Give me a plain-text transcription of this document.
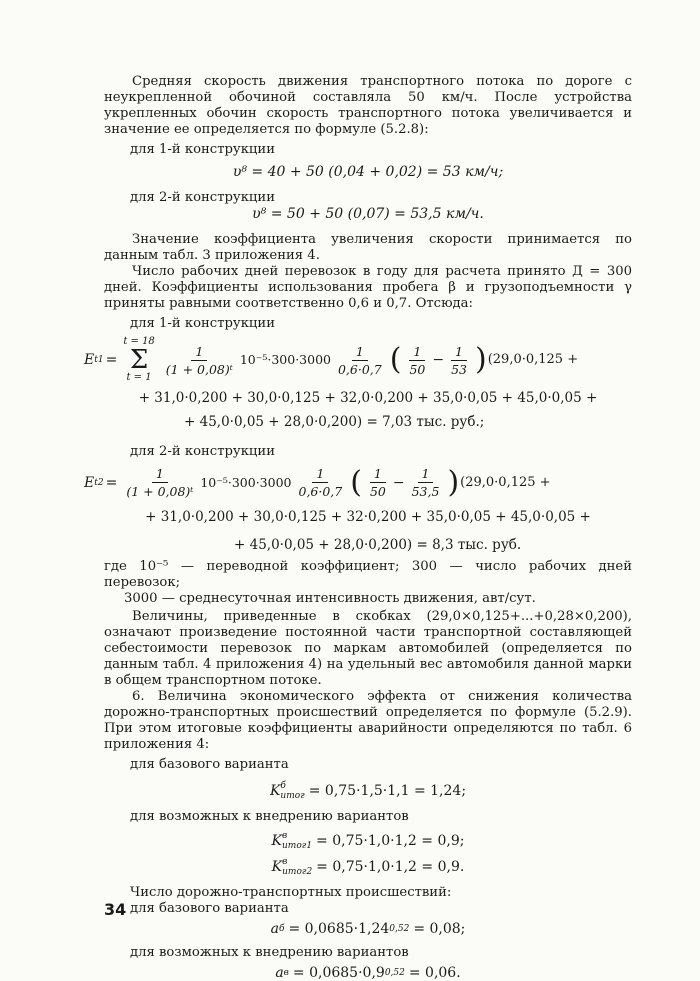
Средняя скорость движения транспортного потока по дороге с неукрепленной обочиной составляла 50 км/ч. После устройства укрепленных обочин скорость транспортного потока увеличивается и значение ее определяется по формуле (5.2.8):

для 1-й конструкции

υ⁸ = 40 + 50 (0,04 + 0,02) = 53 км/ч;

для 2-й конструкции

υ⁸ = 50 + 50 (0,07) = 53,5 км/ч.

Значение коэффициента увеличения скорости принимается по данным табл. 3 приложения 4.

Число рабочих дней перевозок в году для расчета принято Д = 300 дней. Коэффициенты использования пробега β и грузоподъемности γ приняты равными соответственно 0,6 и 0,7. Отсюда:

для 1-й конструкции

E t1 =
t = 18
Σ
t = 1
$\frac{1}{\text{(1 + 0,08)ᵗ}} 10^{-5}\cdot 300\cdot 3000 \frac{1}{0,6\cdot 0,7}$ ( $\frac{1}{50} - \frac{1}{53}$ ) (29,0·0,125 +
+ 31,0·0,200 + 30,0·0,125 + 32,0·0,200 + 35,0·0,05 + 45,0·0,05 +
+ 45,0·0,05 + 28,0·0,200) = 7,03 тыс. руб.;

для 2-й конструкции

E $t2 = \frac{1}{\text{(1 + 0,08)ᵗ}} 10^{-5}\cdot 300\cdot 3000 \frac{1}{0,6\cdot 0,7}$ ( $\frac{1}{50} - \frac{1}{53,5}$ ) (29,0·0,125 +
+ 31,0·0,200 + 30,0·0,125 + 32·0,200 + 35,0·0,05 + 45,0·0,05 +
+ 45,0·0,05 + 28,0·0,200) = 8,3 тыс. руб.

где 10⁻⁵ — переводной коэффициент; 300 — число рабочих дней перевозок;

3000 — среднесуточная интенсивность движения, авт/сут.

Величины, приведенные в скобках (29,0×0,125+...+0,28×0,200), означают произведение постоянной части транспортной составляющей себестоимости перевозок по маркам автомобилей (определяется по данным табл. 4 приложения 4) на удельный вес автомобиля данной марки в общем транспортном потоке.

6. Величина экономического эффекта от снижения количества дорожно-транспортных происшествий определяется по формуле (5.2.9). При этом итоговые коэффициенты аварийности определяются по табл. 6 приложения 4:

для базового варианта

K б
итог = 0,75·1,5·1,1 = 1,24;

для возможных к внедрению вариантов

K в
итог1 = 0,75·1,0·1,2 = 0,9;
K в
итог2 = 0,75·1,0·1,2 = 0,9.

Число дорожно-транспортных происшествий:

для базового варианта

a б = 0,0685·1,24 0,52 = 0,08;

для возможных к внедрению вариантов

a в = 0,0685·0,9 0,52 = 0,06.
34
